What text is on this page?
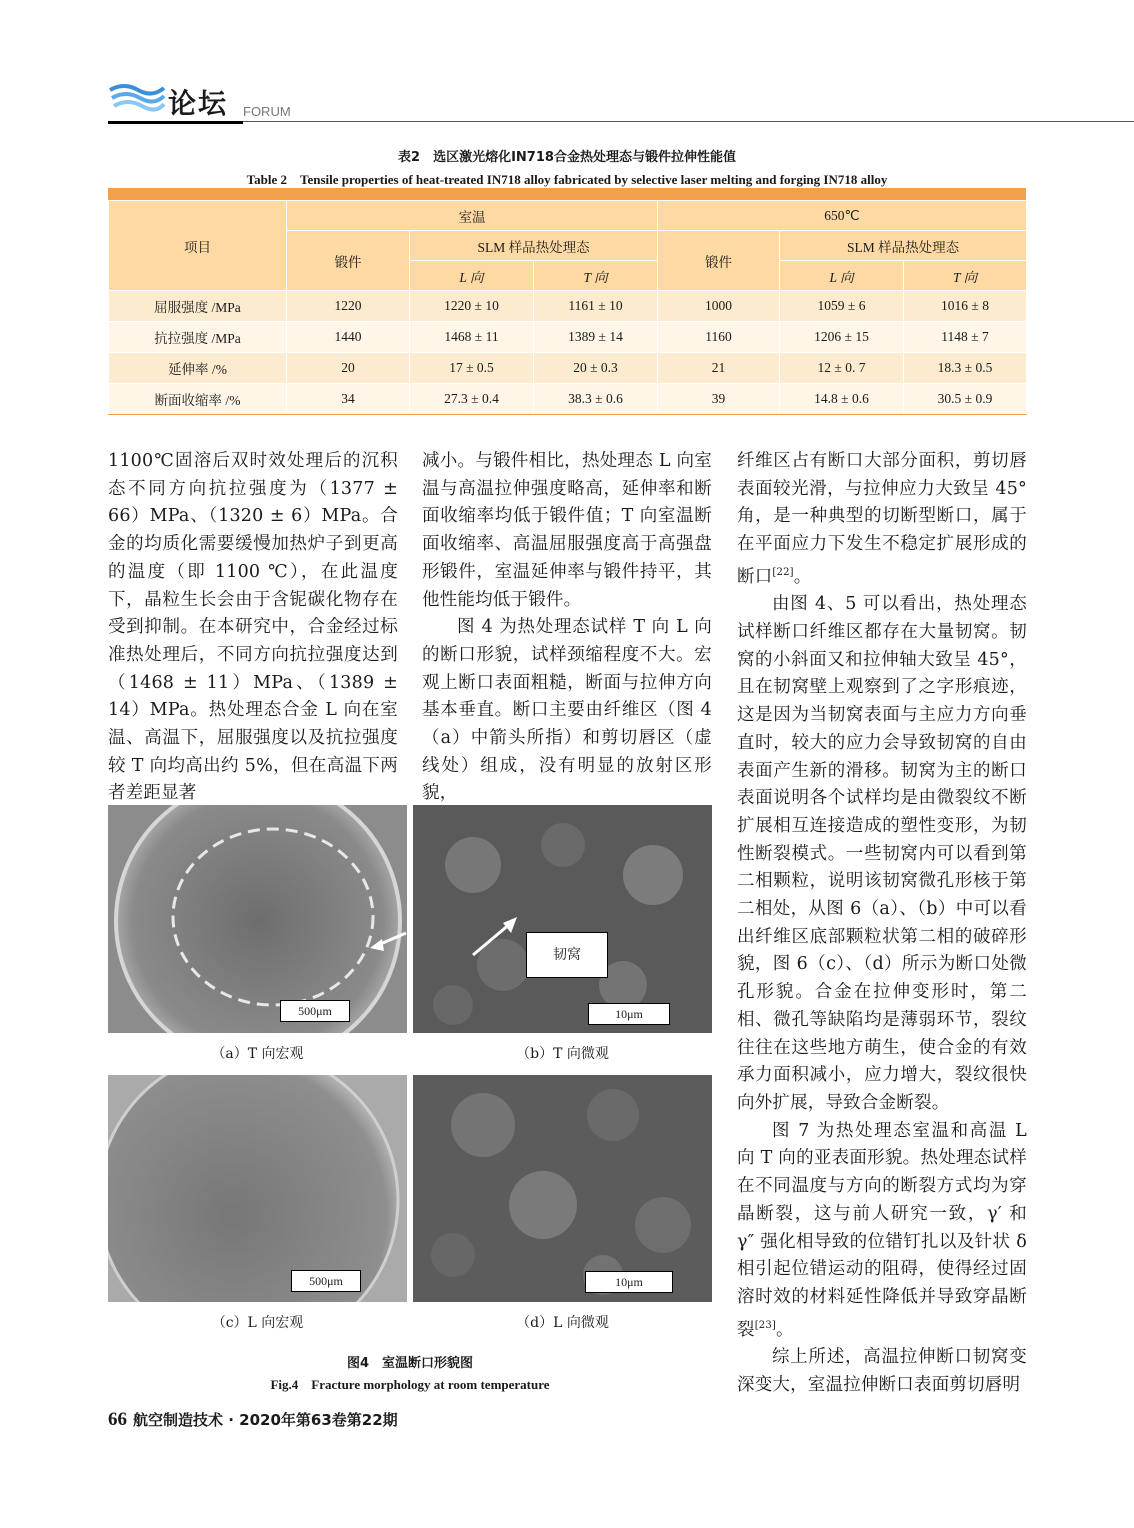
论坛 FORUM
表2　选区激光熔化IN718合金热处理态与锻件拉伸性能值
Table 2　Tensile properties of heat-treated IN718 alloy fabricated by selective laser melting and forging IN718 alloy
项目	室温			650℃		
	锻件	SLM 样品热处理态		锻件	SLM 样品热处理态	
		L 向	T 向		L 向	T 向
屈服强度 /MPa	1220	1220 ± 10	1161 ± 10	1000	1059 ± 6	1016 ± 8
抗拉强度 /MPa	1440	1468 ± 11	1389 ± 14	1160	1206 ± 15	1148 ± 7
延伸率 /%	20	17 ± 0.5	20 ± 0.3	21	12 ± 0. 7	18.3 ± 0.5
断面收缩率 /%	34	27.3 ± 0.4	38.3 ± 0.6	39	14.8 ± 0.6	30.5 ± 0.9

1100℃固溶后双时效处理后的沉积态不同方向抗拉强度为（1377 ± 66）MPa、（1320 ± 6）MPa。合金的均质化需要缓慢加热炉子到更高的温度（即 1100 ℃），在此温度下，晶粒生长会由于含铌碳化物存在受到抑制。在本研究中，合金经过标准热处理后，不同方向抗拉强度达到（1468 ± 11）MPa、（1389 ± 14）MPa。热处理态合金 L 向在室温、高温下，屈服强度以及抗拉强度较 T 向均高出约 5%，但在高温下两者差距显著

减小。与锻件相比，热处理态 L 向室温与高温拉伸强度略高，延伸率和断面收缩率均低于锻件值；T 向室温断面收缩率、高温屈服强度高于高强盘形锻件，室温延伸率与锻件持平，其他性能均低于锻件。

图 4 为热处理态试样 T 向 L 向的断口形貌，试样颈缩程度不大。宏观上断口表面粗糙，断面与拉伸方向基本垂直。断口主要由纤维区（图 4（a）中箭头所指）和剪切唇区（虚线处）组成，没有明显的放射区形貌，

纤维区占有断口大部分面积，剪切唇表面较光滑，与拉伸应力大致呈 45° 角，是一种典型的切断型断口，属于在平面应力下发生不稳定扩展形成的断口[22]。

由图 4、5 可以看出，热处理态试样断口纤维区都存在大量韧窝。韧窝的小斜面又和拉伸轴大致呈 45°，且在韧窝壁上观察到了之字形痕迹，这是因为当韧窝表面与主应力方向垂直时，较大的应力会导致韧窝的自由表面产生新的滑移。韧窝为主的断口表面说明各个试样均是由微裂纹不断扩展相互连接造成的塑性变形，为韧性断裂模式。一些韧窝内可以看到第二相颗粒，说明该韧窝微孔形核于第二相处，从图 6（a）、（b）中可以看出纤维区底部颗粒状第二相的破碎形貌，图 6（c）、（d）所示为断口处微孔形貌。合金在拉伸变形时，第二相、微孔等缺陷均是薄弱环节，裂纹往往在这些地方萌生，使合金的有效承力面积减小，应力增大，裂纹很快向外扩展，导致合金断裂。

图 7 为热处理态室温和高温 L 向 T 向的亚表面形貌。热处理态试样在不同温度与方向的断裂方式均为穿晶断裂，这与前人研究一致，γ′ 和 γ″ 强化相导致的位错钉扎以及针状 δ 相引起位错运动的阻碍，使得经过固溶时效的材料延性降低并导致穿晶断裂[23]。

综上所述，高温拉伸断口韧窝变深变大，室温拉伸断口表面剪切唇明

500μm
韧窝
10μm
（a）T 向宏观	（b）T 向微观
500μm	10μm
（c）L 向宏观	（d）L 向微观
图4　室温断口形貌图
Fig.4　Fracture morphology at room temperature
66 航空制造技术 · 2020年第63卷第22期
